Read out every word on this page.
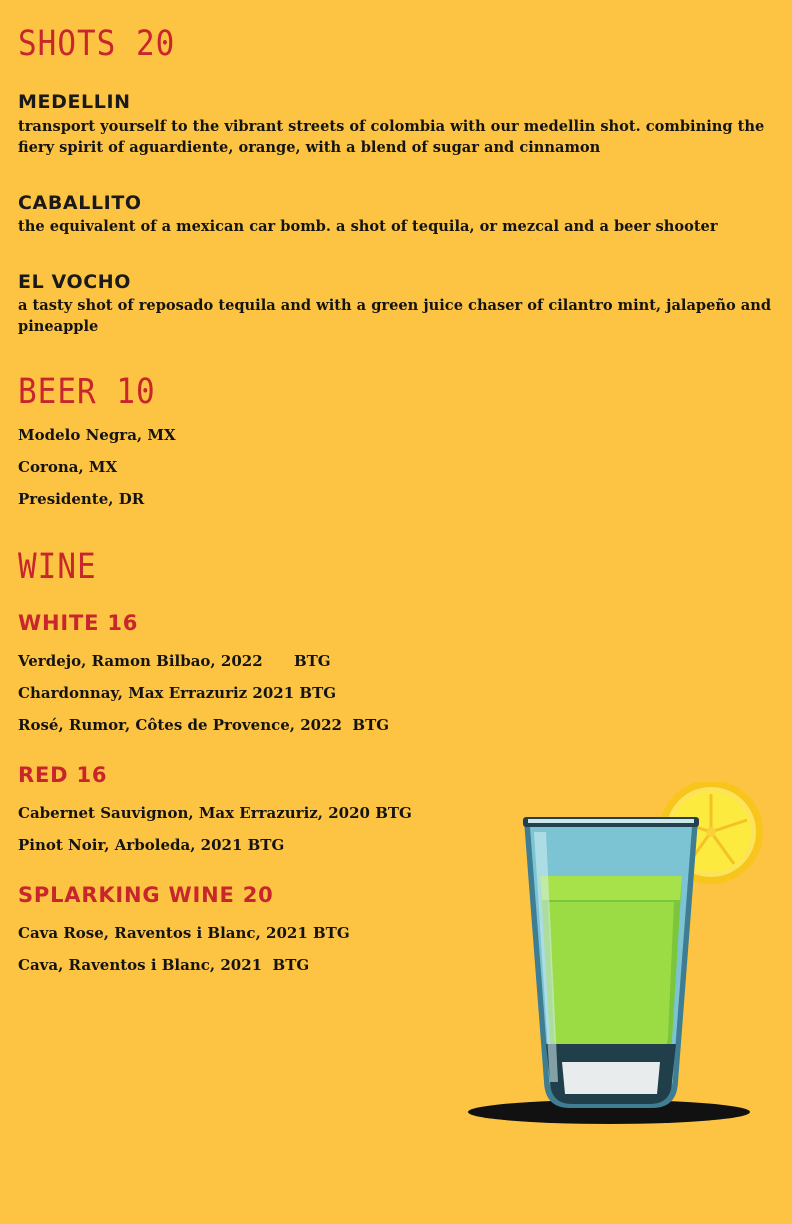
SHOTS 20
MEDELLIN

transport yourself to the vibrant streets of colombia with our medellin shot. combining the fiery spirit of aguardiente, orange, with a blend of sugar and cinnamon

CABALLITO

the equivalent of a mexican car bomb. a shot of tequila, or mezcal and a beer shooter

EL VOCHO

a tasty shot of reposado tequila and with a green juice chaser of cilantro mint, jalapeño and pineapple

BEER 10

Modelo Negra, MX

Corona, MX

Presidente, DR

WINE
WHITE 16

Verdejo, Ramon Bilbao, 2022      BTG

Chardonnay, Max Errazuriz 2021 BTG

Rosé, Rumor, Côtes de Provence, 2022  BTG

RED 16

Cabernet Sauvignon, Max Errazuriz, 2020 BTG

Pinot Noir, Arboleda, 2021 BTG

SPLARKING WINE 20

Cava Rose, Raventos i Blanc, 2021 BTG

Cava, Raventos i Blanc, 2021  BTG
